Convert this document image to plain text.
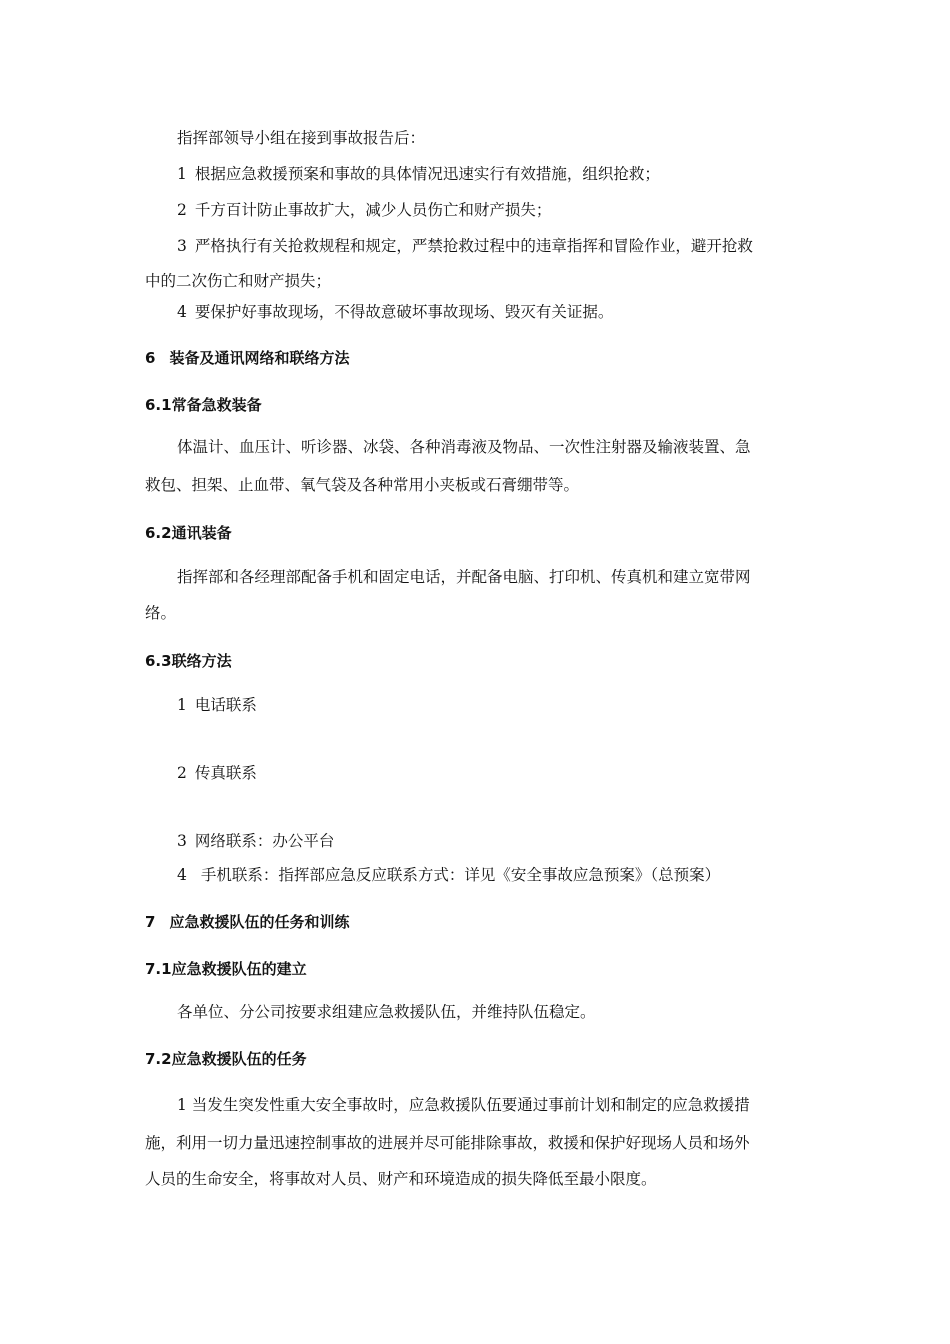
指挥部领导小组在接到事故报告后：
1 根据应急救援预案和事故的具体情况迅速实行有效措施，组织抢救；
2 千方百计防止事故扩大，减少人员伤亡和财产损失；
3 严格执行有关抢救规程和规定，严禁抢救过程中的违章指挥和冒险作业，避开抢救
中的二次伤亡和财产损失；
4 要保护好事故现场，不得故意破坏事故现场、毁灭有关证据。
6 装备及通讯网络和联络方法
6.1常备急救装备
体温计、血压计、听诊器、冰袋、各种消毒液及物品、一次性注射器及输液装置、急
救包、担架、止血带、氧气袋及各种常用小夹板或石膏绷带等。
6.2通讯装备
指挥部和各经理部配备手机和固定电话，并配备电脑、打印机、传真机和建立宽带网
络。
6.3联络方法
1 电话联系
2 传真联系
3 网络联系：办公平台
4 手机联系：指挥部应急反应联系方式：详见《安全事故应急预案》（总预案）
7 应急救援队伍的任务和训练
7.1应急救援队伍的建立
各单位、分公司按要求组建应急救援队伍，并维持队伍稳定。
7.2应急救援队伍的任务
1 当发生突发性重大安全事故时，应急救援队伍要通过事前计划和制定的应急救援措
施，利用一切力量迅速控制事故的进展并尽可能排除事故，救援和保护好现场人员和场外
人员的生命安全，将事故对人员、财产和环境造成的损失降低至最小限度。
